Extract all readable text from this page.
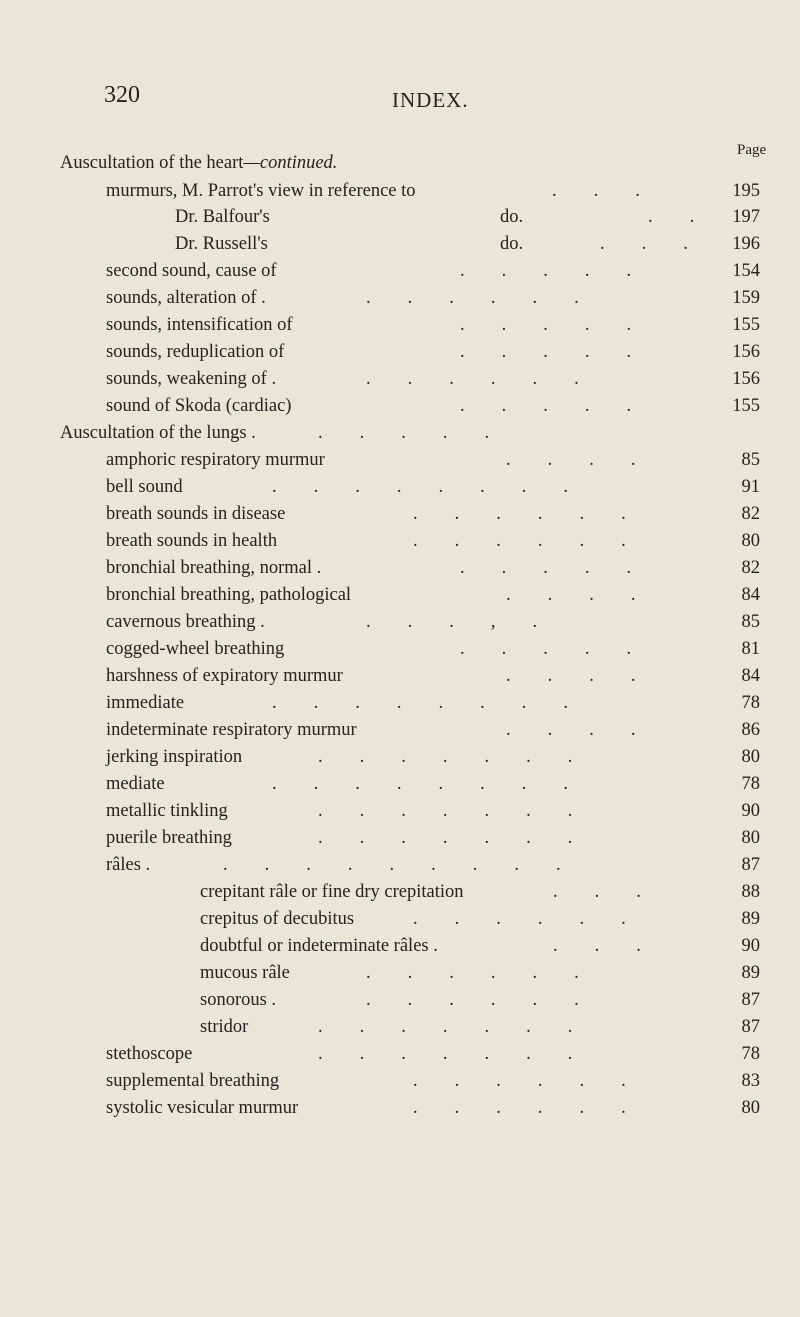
320	INDEX.
Page
Auscultation of the heart—continued.
murmurs, M. Parrot's view in reference to	.        .        .	195
Dr. Balfour's	do.	.        . 197
Dr. Russell's	do.	.        .        . 196
second sound, cause of	.        .        .        .        .	154
sounds, alteration of .	.        .        .        .        .        .	159
sounds, intensification of	.        .        .        .        .	155
sounds, reduplication of	.        .        .        .        .	156
sounds, weakening of .	.        .        .        .        .        .	156
sound of Skoda (cardiac)	.        .        .        .        .	155
Auscultation of the lungs .	.        .        .        .        .
amphoric respiratory murmur	.        .        .        .	85
bell sound	.        .        .        .        .        .        .        .	91
breath sounds in disease	.        .        .        .        .        .	82
breath sounds in health	.        .        .        .        .        .	80
bronchial breathing, normal .	.        .        .        .        .	82
bronchial breathing, pathological	.        .        .        .	84
cavernous breathing .	.        .        .        ,        .	85
cogged-wheel breathing	.        .        .        .        .	81
harshness of expiratory murmur	.        .        .        .	84
immediate	.        .        .        .        .        .        .        .	78
indeterminate respiratory murmur	.        .        .        .	86
jerking inspiration	.        .        .        .        .        .        .	80
mediate	.        .        .        .        .        .        .        .	78
metallic tinkling	.        .        .        .        .        .        .	90
puerile breathing	.        .        .        .        .        .        .	80
râles .	.        .        .        .        .        .        .        .        .	87
crepitant râle or fine dry crepitation	.        .        .	88
crepitus of decubitus	.        .        .        .        .        .	89
doubtful or indeterminate râles .	.        .        .	90
mucous râle	.        .        .        .        .        .	89
sonorous .	.        .        .        .        .        .	87
stridor	.        .        .        .        .        .        .	87
stethoscope	.        .        .        .        .        .        .	78
supplemental breathing	.        .        .        .        .        .	83
systolic vesicular murmur	.        .        .        .        .        .	80
